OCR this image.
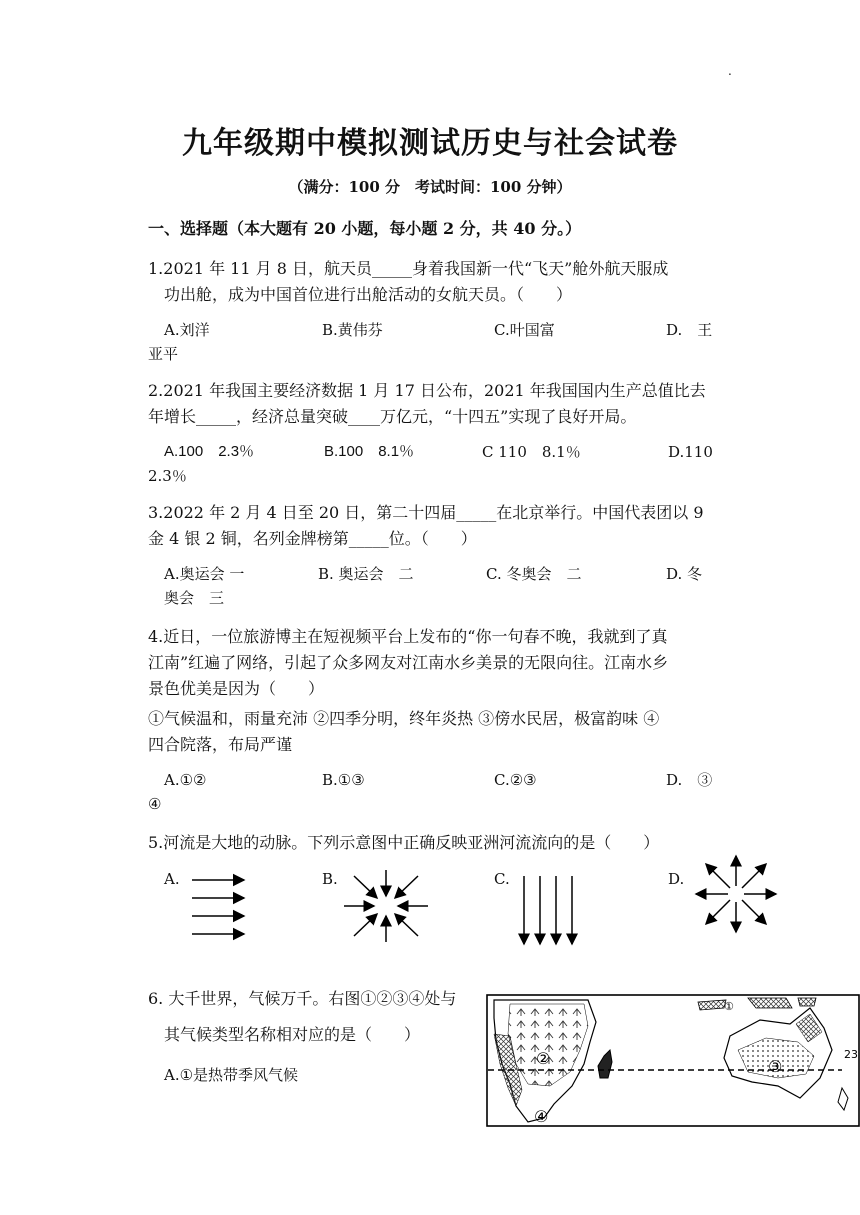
.
九年级期中模拟测试历史与社会试卷
（满分：100 分　考试时间：100 分钟）
一、选择题（本大题有 20 小题，每小题 2 分，共 40 分。）
1.2021 年 11 月 8 日，航天员_____身着我国新一代“飞天”舱外航天服成
功出舱，成为中国首位进行出舱活动的女航天员。（　　）
A.刘洋	B.黄伟芬	C.叶国富	D.　王
亚平
2.2021 年我国主要经济数据 1 月 17 日公布，2021 年我国国内生产总值比去
年增长_____，经济总量突破____万亿元，“十四五”实现了良好开局。
A.100　2.3％	B.100　8.1％	C 110　8.1％	D.110
2.3％
3.2022 年 2 月 4 日至 20 日，第二十四届_____在北京举行。中国代表团以 9
金 4 银 2 铜，名列金牌榜第_____位。（　　）
A.奥运会 一	B. 奥运会　二	C. 冬奥会　二	D. 冬
奥会　三
4.近日，一位旅游博主在短视频平台上发布的“你一句春不晚，我就到了真
江南”红遍了网络，引起了众多网友对江南水乡美景的无限向往。江南水乡
景色优美是因为（　　）
①气候温和，雨量充沛 ②四季分明，终年炎热 ③傍水民居，极富韵味 ④
四合院落，布局严谨
A.①②	B.①③	C.②③	D.　③
④
5.河流是大地的动脉。下列示意图中正确反映亚洲河流流向的是（　　）
A.	B.	C.	D.
6. 大千世界，气候万千。右图①②③④处与
其气候类型名称相对应的是（　　）
A.①是热带季风气候
①
②	③
④
23
